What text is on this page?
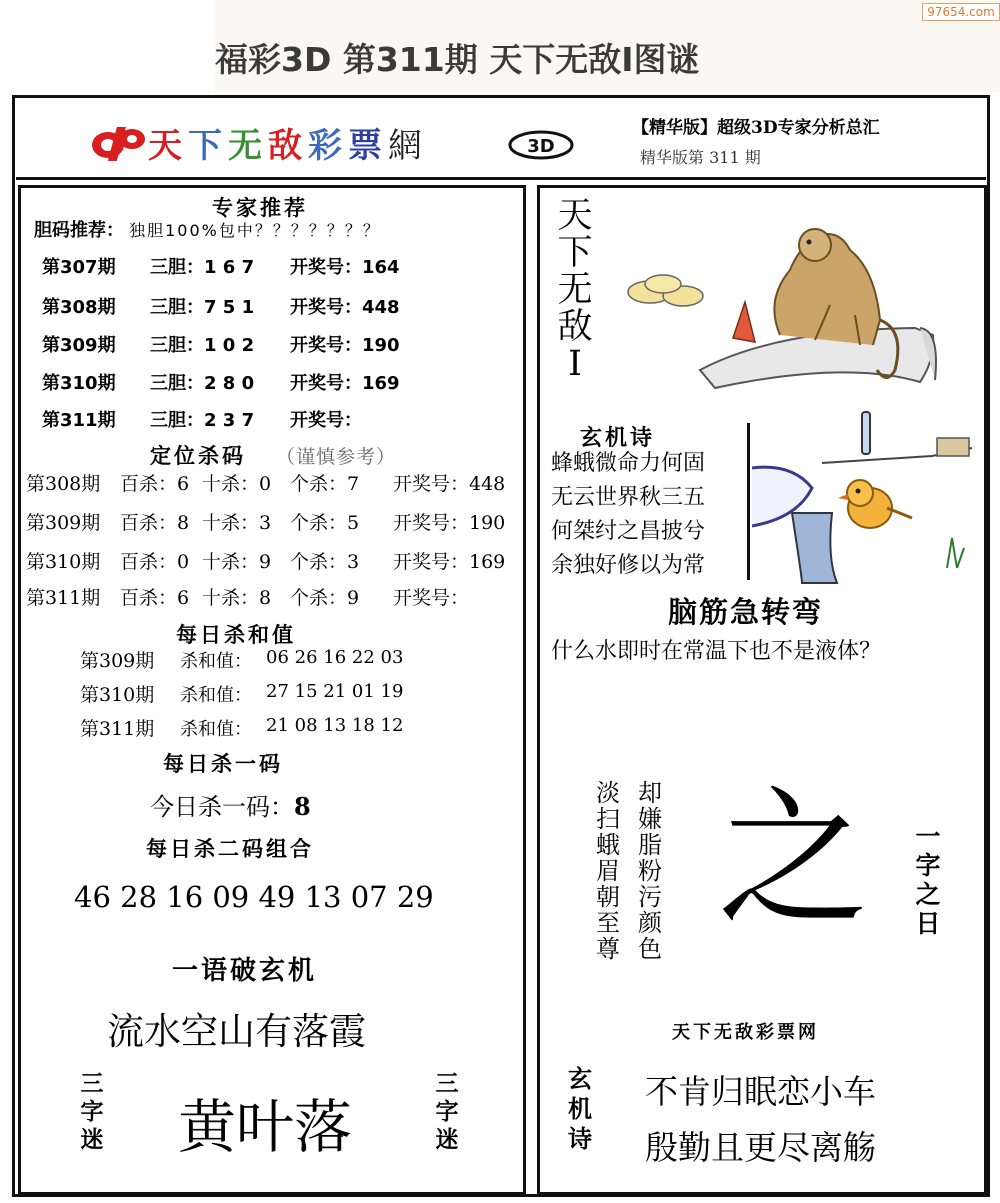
福彩3D 第311期 天下无敌Ⅰ图谜
97654.com
天下无敌彩票網	3D
【精华版】超级3D专家分析总汇
精华版第 311 期
专家推荐
胆码推荐： 独胆100%包中？？？？？？？
第307期 三胆：1 6 7 开奖号：164
第308期 三胆：7 5 1 开奖号：448
第309期 三胆：1 0 2 开奖号：190
第310期 三胆：2 8 0 开奖号：169
第311期 三胆：2 3 7 开奖号：
定位杀码 （谨慎参考）
第308期 百杀：6 十杀：0 个杀：7 开奖号：448
第309期 百杀：8 十杀：3 个杀：5 开奖号：190
第310期 百杀：0 十杀：9 个杀：3 开奖号：169
第311期 百杀：6 十杀：8 个杀：9 开奖号：
每日杀和值
第309期 杀和值： 06 26 16 22 03
第310期 杀和值： 27 15 21 01 19
第311期 杀和值： 21 08 13 18 12
每日杀一码
今日杀一码：8
每日杀二码组合
46 28 16 09 49 13 07 29
一语破玄机
流水空山有落霞
三
字
迷 黄叶落
三
字
迷
天
下
无
敌
Ⅰ
玄机诗
蜂蛾微命力何固
无云世界秋三五
何桀纣之昌披兮
余独好修以为常
脑筋急转弯
什么水即时在常温下也不是液体？
淡
扫
蛾
眉
朝
至
尊
却
嫌
脂
粉
污
颜
色
之 一
字
之
日
天下无敌彩票网
玄
机
诗
不肯归眠恋小车
殷勤且更尽离觞
